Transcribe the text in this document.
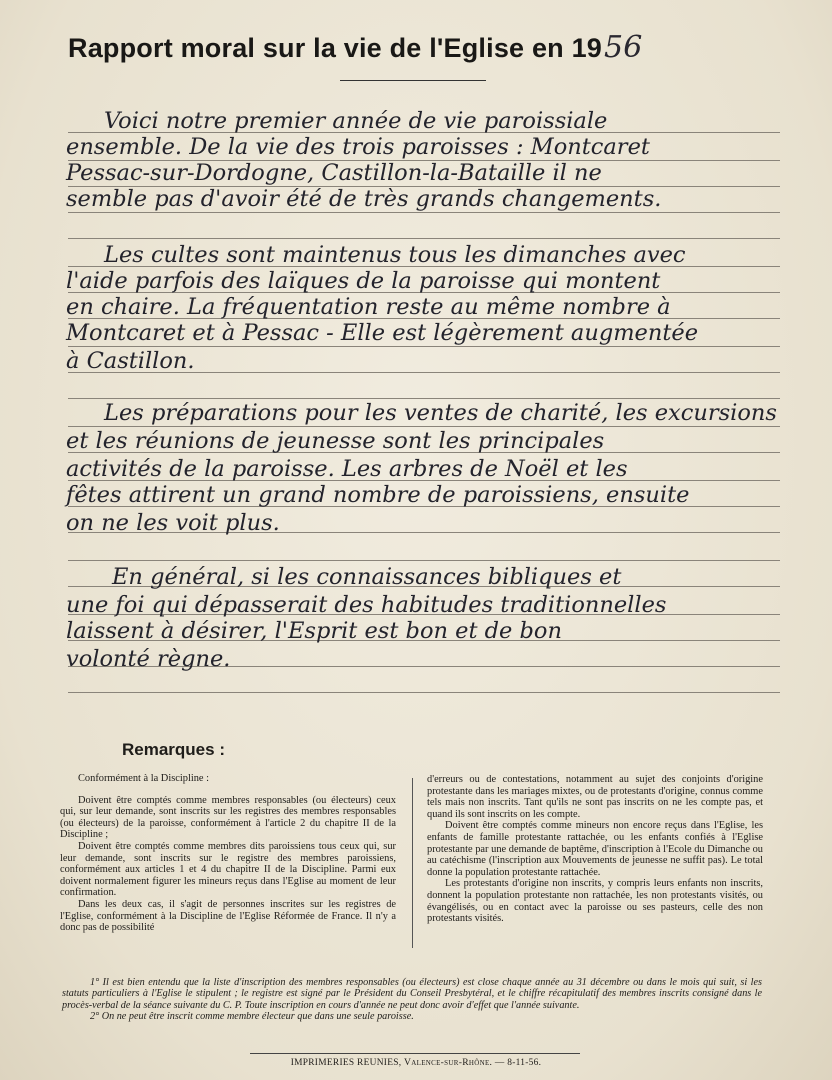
Rapport moral sur la vie de l'Eglise en 1956
Voici notre premier année de vie paroissiale
ensemble. De la vie des trois paroisses : Montcaret
Pessac-sur-Dordogne, Castillon-la-Bataille il ne
semble pas d'avoir été de très grands changements.
Les cultes sont maintenus tous les dimanches avec
l'aide parfois des laïques de la paroisse qui montent
en chaire. La fréquentation reste au même nombre à
Montcaret et à Pessac - Elle est légèrement augmentée
à Castillon.
Les préparations pour les ventes de charité, les excursions
et les réunions de jeunesse sont les principales
activités de la paroisse. Les arbres de Noël et les
fêtes attirent un grand nombre de paroissiens, ensuite
on ne les voit plus.
En général, si les connaissances bibliques et
une foi qui dépasserait des habitudes traditionnelles
laissent à désirer, l'Esprit est bon et de bon
volonté règne.
Remarques :

Conformément à la Discipline :

Doivent être comptés comme membres responsables (ou électeurs) ceux qui, sur leur demande, sont inscrits sur les registres des membres responsables (ou électeurs) de la paroisse, conformément à l'article 2 du chapitre II de la Discipline ;

Doivent être comptés comme membres dits paroissiens tous ceux qui, sur leur demande, sont inscrits sur le registre des membres paroissiens, conformément aux articles 1 et 4 du chapitre II de la Discipline. Parmi eux doivent normalement figurer les mineurs reçus dans l'Eglise au moment de leur confirmation.

Dans les deux cas, il s'agit de personnes inscrites sur les registres de l'Eglise, conformément à la Discipline de l'Eglise Réformée de France. Il n'y a donc pas de possibilité

d'erreurs ou de contestations, notamment au sujet des conjoints d'origine protestante dans les mariages mixtes, ou de protestants d'origine, connus comme tels mais non inscrits. Tant qu'ils ne sont pas inscrits on ne les compte pas, et quand ils sont inscrits on les compte.

Doivent être comptés comme mineurs non encore reçus dans l'Eglise, les enfants de famille protestante rattachée, ou les enfants confiés à l'Eglise protestante par une demande de baptême, d'inscription à l'Ecole du Dimanche ou au catéchisme (l'inscription aux Mouvements de jeunesse ne suffit pas). Le total donne la population protestante rattachée.

Les protestants d'origine non inscrits, y compris leurs enfants non inscrits, donnent la population protestante non rattachée, les non protestants visités, ou évangélisés, ou en contact avec la paroisse ou ses pasteurs, celle des non protestants visités.

1° Il est bien entendu que la liste d'inscription des membres responsables (ou électeurs) est close chaque année au 31 décembre ou dans le mois qui suit, si les statuts particuliers à l'Eglise le stipulent ; le registre est signé par le Président du Conseil Presbytéral, et le chiffre récapitulatif des membres inscrits consigné dans le procès-verbal de la séance suivante du C. P. Toute inscription en cours d'année ne peut donc avoir d'effet que l'année suivante.

2° On ne peut être inscrit comme membre électeur que dans une seule paroisse.

IMPRIMERIES REUNIES, Valence-sur-Rhône. — 8-11-56.
